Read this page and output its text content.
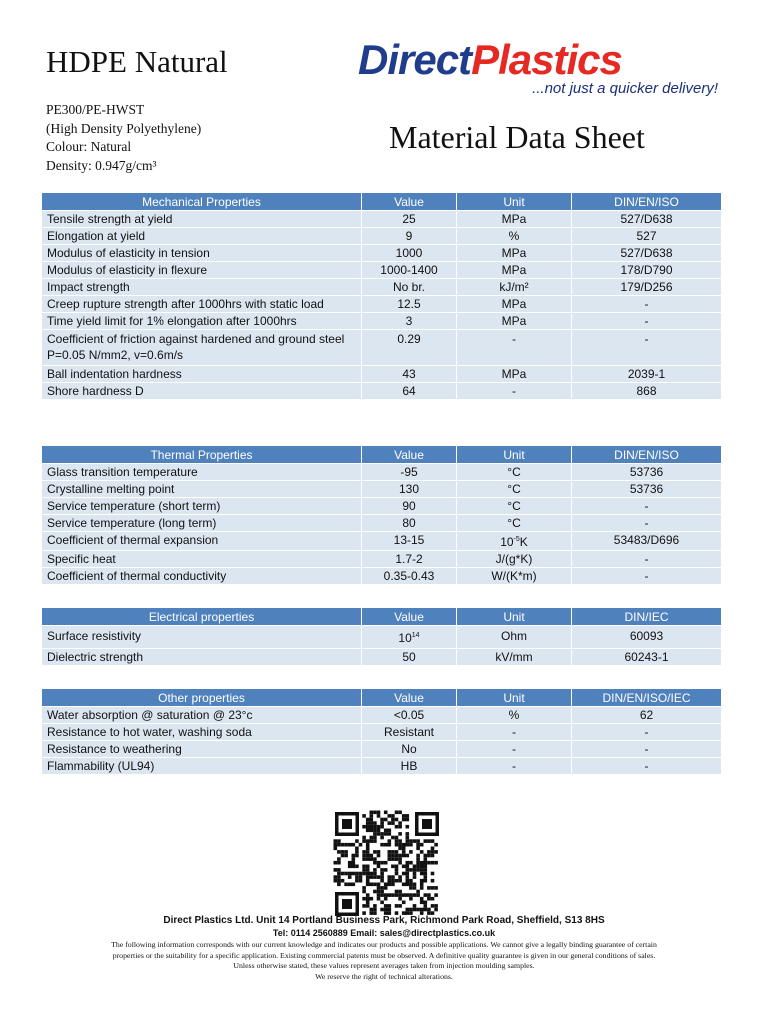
HDPE Natural
PE300/PE-HWST
(High Density Polyethylene)
Colour: Natural
Density: 0.947g/cm³
DirectPlastics
...not just a quicker delivery!
Material Data Sheet
Mechanical Properties	Value	Unit	DIN/EN/ISO
Tensile strength at yield	25	MPa	527/D638
Elongation at yield	9	%	527
Modulus of elasticity in tension	1000	MPa	527/D638
Modulus of elasticity in flexure	1000-1400	MPa	178/D790
Impact strength	No br.	kJ/m²	179/D256
Creep rupture strength after 1000hrs with static load	12.5	MPa	-
Time yield limit for 1% elongation after 1000hrs	3	MPa	-

Coefficient of friction against hardened and ground steel
P=0.05 N/mm2, v=0.6m/s	0.29	-	-
Ball indentation hardness	43	MPa	2039-1
Shore hardness D	64	-	868
Thermal Properties	Value	Unit	DIN/EN/ISO
Glass transition temperature	-95	°C	53736
Crystalline melting point	130	°C	53736
Service temperature (short term)	90	°C	-
Service temperature (long term)	80	°C	-
Coefficient of thermal expansion	13-15	$10^{-5}K$	53483/D696
Specific heat	1.7-2	J/(g*K)	-
Coefficient of thermal conductivity	0.35-0.43	W/(K*m)	-
Electrical properties	Value	Unit	DIN/IEC
Surface resistivity	$10^{14}$	Ohm	60093
Dielectric strength	50	kV/mm	60243-1
Other properties	Value	Unit	DIN/EN/ISO/IEC
Water absorption @ saturation @ 23°c	<0.05	%	62
Resistance to hot water, washing soda	Resistant	-	-
Resistance to weathering	No	-	-
Flammability (UL94)	HB	-	-
Direct Plastics Ltd. Unit 14 Portland Business Park, Richmond Park Road, Sheffield, S13 8HS
Tel: 0114 2560889 Email: sales@directplastics.co.uk
The following information corresponds with our current knowledge and indicates our products and possible applications. We cannot give a legally binding guarantee of certain
properties or the suitability for a specific application. Existing commercial patents must be observed. A definitive quality guarantee is given in our general conditions of sales.
Unless otherwise stated, these values represent averages taken from injection moulding samples.
We reserve the right of technical alterations.
